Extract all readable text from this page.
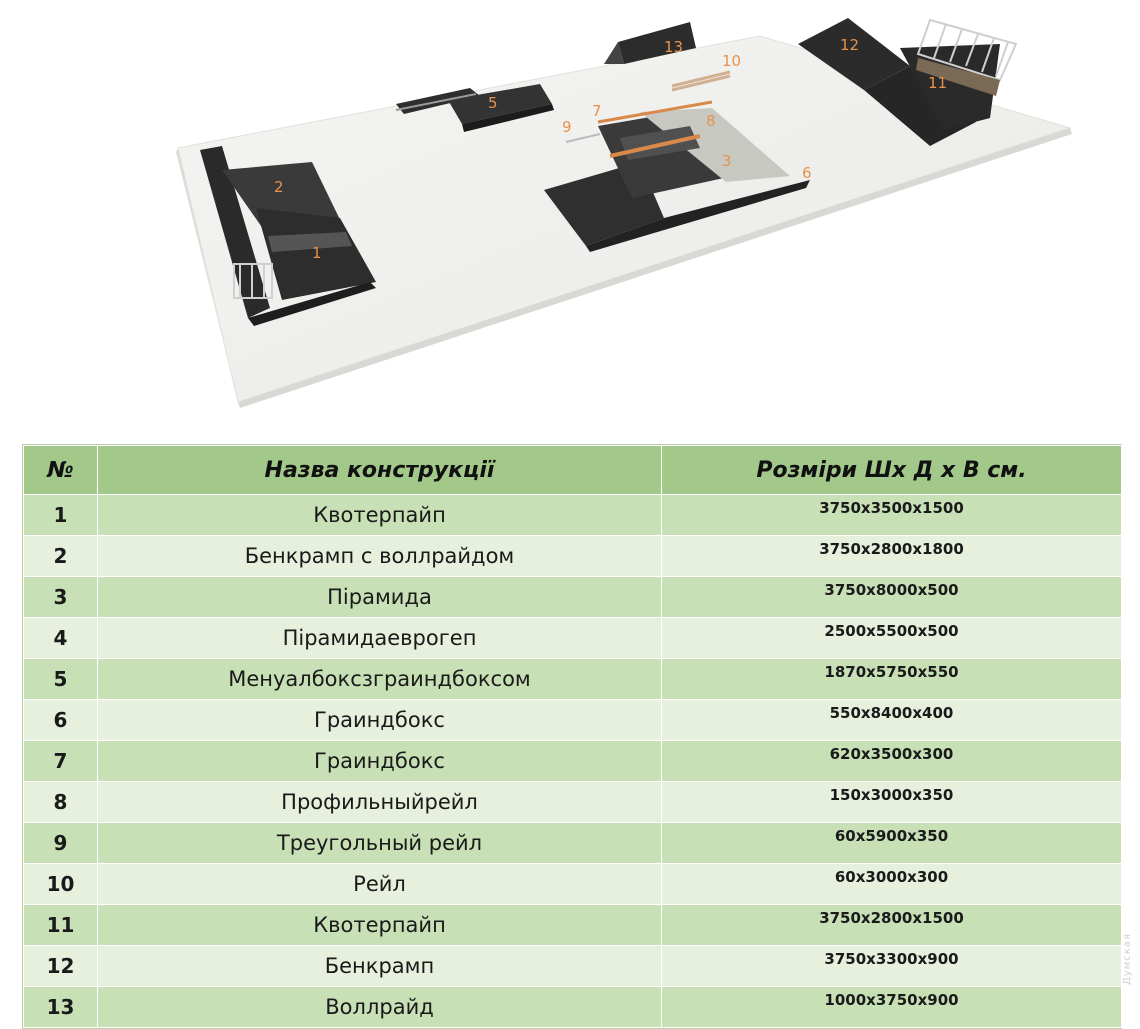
1
2
3
5
6
7
8
9
10
11
12
13
№	Назва конструкції	Розміри Шх Д х В см.
1	Квотерпайп	3750x3500x1500
2	Бенкрамп с воллрайдом	3750x2800x1800
3	Пірамида	3750x8000x500
4	Пірамидаеврогеп	2500x5500x500
5	Менуалбоксзграиндбоксом	1870x5750x550
6	Граиндбокс	550x8400x400
7	Граиндбокс	620x3500x300
8	Профильныйрейл	150x3000x350
9	Треугольный рейл	60x5900x350
10	Рейл	60x3000x300
11	Квотерпайп	3750x2800x1500
12	Бенкрамп	3750x3300x900
13	Воллрайд	1000x3750x900
Думская
